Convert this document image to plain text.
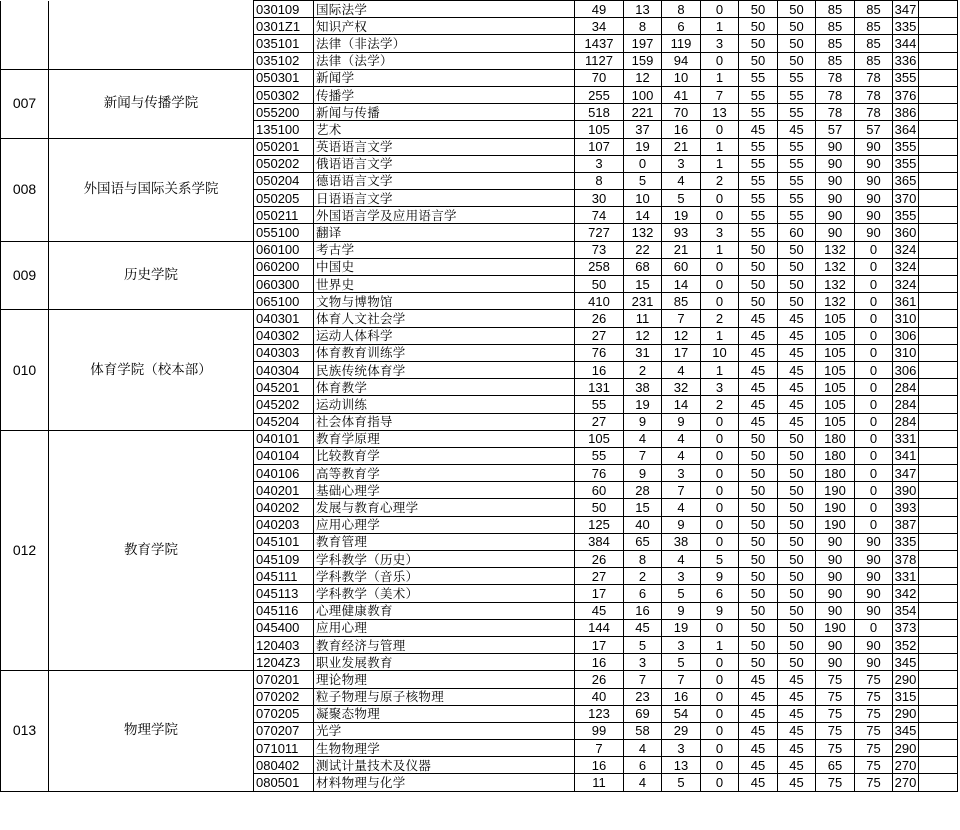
		030109	国际法学	49	13	8	0	50	50	85	85	347	
		0301Z1	知识产权	34	8	6	1	50	50	85	85	335	
		035101	法律（非法学）	1437	197	119	3	50	50	85	85	344	
		035102	法律（法学）	1127	159	94	0	50	50	85	85	336	
007	新闻与传播学院	050301	新闻学	70	12	10	1	55	55	78	78	355	
		050302	传播学	255	100	41	7	55	55	78	78	376	
		055200	新闻与传播	518	221	70	13	55	55	78	78	386	
		135100	艺术	105	37	16	0	45	45	57	57	364	
008	外国语与国际关系学院	050201	英语语言文学	107	19	21	1	55	55	90	90	355	
		050202	俄语语言文学	3	0	3	1	55	55	90	90	355	
		050204	德语语言文学	8	5	4	2	55	55	90	90	365	
		050205	日语语言文学	30	10	5	0	55	55	90	90	370	
		050211	外国语言学及应用语言学	74	14	19	0	55	55	90	90	355	
		055100	翻译	727	132	93	3	55	60	90	90	360	
009	历史学院	060100	考古学	73	22	21	1	50	50	132	0	324	
		060200	中国史	258	68	60	0	50	50	132	0	324	
		060300	世界史	50	15	14	0	50	50	132	0	324	
		065100	文物与博物馆	410	231	85	0	50	50	132	0	361	
010	体育学院（校本部）	040301	体育人文社会学	26	11	7	2	45	45	105	0	310	
		040302	运动人体科学	27	12	12	1	45	45	105	0	306	
		040303	体育教育训练学	76	31	17	10	45	45	105	0	310	
		040304	民族传统体育学	16	2	4	1	45	45	105	0	306	
		045201	体育教学	131	38	32	3	45	45	105	0	284	
		045202	运动训练	55	19	14	2	45	45	105	0	284	
		045204	社会体育指导	27	9	9	0	45	45	105	0	284	
012	教育学院	040101	教育学原理	105	4	4	0	50	50	180	0	331	
		040104	比较教育学	55	7	4	0	50	50	180	0	341	
		040106	高等教育学	76	9	3	0	50	50	180	0	347	
		040201	基础心理学	60	28	7	0	50	50	190	0	390	
		040202	发展与教育心理学	50	15	4	0	50	50	190	0	393	
		040203	应用心理学	125	40	9	0	50	50	190	0	387	
		045101	教育管理	384	65	38	0	50	50	90	90	335	
		045109	学科教学（历史）	26	8	4	5	50	50	90	90	378	
		045111	学科教学（音乐）	27	2	3	9	50	50	90	90	331	
		045113	学科教学（美术）	17	6	5	6	50	50	90	90	342	
		045116	心理健康教育	45	16	9	9	50	50	90	90	354	
		045400	应用心理	144	45	19	0	50	50	190	0	373	
		120403	教育经济与管理	17	5	3	1	50	50	90	90	352	
		1204Z3	职业发展教育	16	3	5	0	50	50	90	90	345	
013	物理学院	070201	理论物理	26	7	7	0	45	45	75	75	290	
		070202	粒子物理与原子核物理	40	23	16	0	45	45	75	75	315	
		070205	凝聚态物理	123	69	54	0	45	45	75	75	290	
		070207	光学	99	58	29	0	45	45	75	75	345	
		071011	生物物理学	7	4	3	0	45	45	75	75	290	
		080402	测试计量技术及仪器	16	6	13	0	45	45	65	75	270	
		080501	材料物理与化学	11	4	5	0	45	45	75	75	270	
